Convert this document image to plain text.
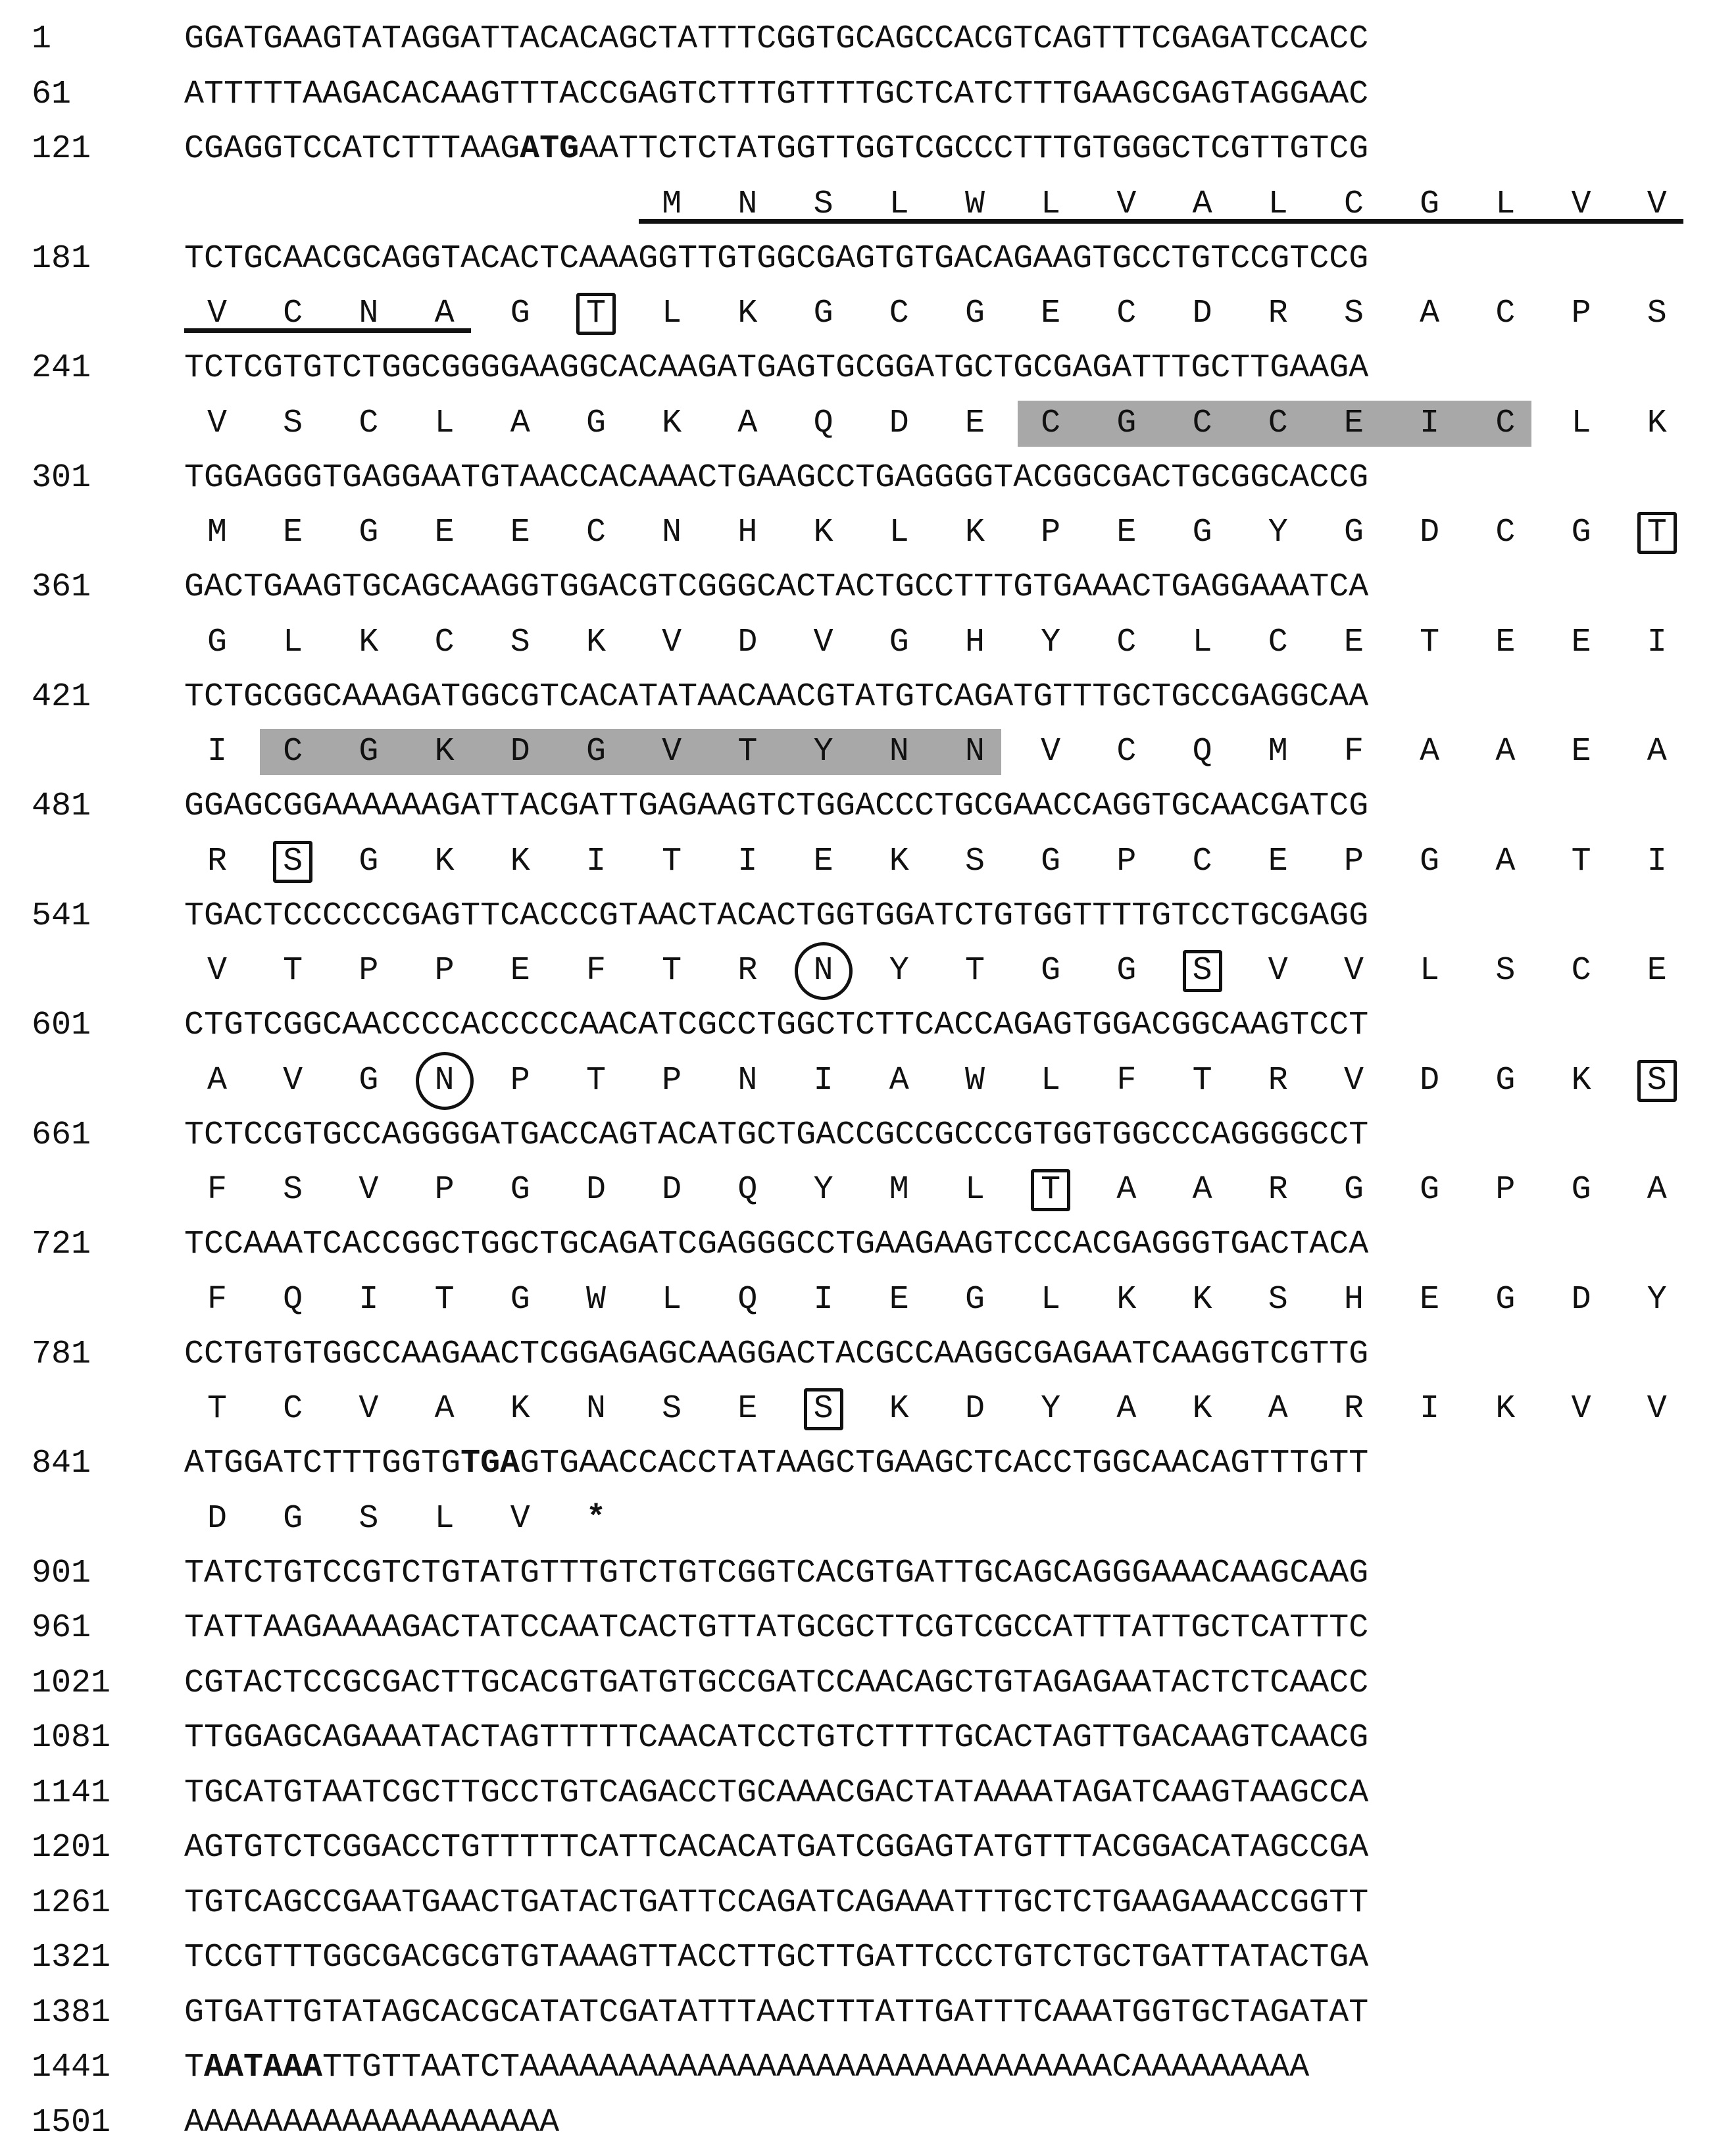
1	GGATGAAGTATAGGATTACACAGCTATTTCGGTGCAGCCACGTCAGTTTCGAGATCCACC
61	ATTTTTAAGACACAAGTTTACCGAGTCTTTGTTTTGCTCATCTTTGAAGCGAGTAGGAAC
121	CGAGGTCCATCTTTAAGATGAATTCTCTATGGTTGGTCGCCCTTTGTGGGCTCGTTGTCG
M	N	S	L	W	L	V	A	L	C	G	L	V	V
181	TCTGCAACGCAGGTACACTCAAAGGTTGTGGCGAGTGTGACAGAAGTGCCTGTCCGTCCG
V	C	N	A	G	T	L	K	G	C	G	E	C	D	R	S	A	C	P	S
241	TCTCGTGTCTGGCGGGGAAGGCACAAGATGAGTGCGGATGCTGCGAGATTTGCTTGAAGA
V	S	C	L	A	G	K	A	Q	D	E	C	G	C	C	E	I	C	L	K
301	TGGAGGGTGAGGAATGTAACCACAAACTGAAGCCTGAGGGGTACGGCGACTGCGGCACCG
M	E	G	E	E	C	N	H	K	L	K	P	E	G	Y	G	D	C	G	T
361	GACTGAAGTGCAGCAAGGTGGACGTCGGGCACTACTGCCTTTGTGAAACTGAGGAAATCA
G	L	K	C	S	K	V	D	V	G	H	Y	C	L	C	E	T	E	E	I
421	TCTGCGGCAAAGATGGCGTCACATATAACAACGTATGTCAGATGTTTGCTGCCGAGGCAA
I	C	G	K	D	G	V	T	Y	N	N	V	C	Q	M	F	A	A	E	A
481	GGAGCGGAAAAAAGATTACGATTGAGAAGTCTGGACCCTGCGAACCAGGTGCAACGATCG
R	S	G	K	K	I	T	I	E	K	S	G	P	C	E	P	G	A	T	I
541	TGACTCCCCCCGAGTTCACCCGTAACTACACTGGTGGATCTGTGGTTTTGTCCTGCGAGG
V	T	P	P	E	F	T	R	N	Y	T	G	G	S	V	V	L	S	C	E
601	CTGTCGGCAACCCCACCCCCAACATCGCCTGGCTCTTCACCAGAGTGGACGGCAAGTCCT
A	V	G	N	P	T	P	N	I	A	W	L	F	T	R	V	D	G	K	S
661	TCTCCGTGCCAGGGGATGACCAGTACATGCTGACCGCCGCCCGTGGTGGCCCAGGGGCCT
F	S	V	P	G	D	D	Q	Y	M	L	T	A	A	R	G	G	P	G	A
721	TCCAAATCACCGGCTGGCTGCAGATCGAGGGCCTGAAGAAGTCCCACGAGGGTGACTACA
F	Q	I	T	G	W	L	Q	I	E	G	L	K	K	S	H	E	G	D	Y
781	CCTGTGTGGCCAAGAACTCGGAGAGCAAGGACTACGCCAAGGCGAGAATCAAGGTCGTTG
T	C	V	A	K	N	S	E	S	K	D	Y	A	K	A	R	I	K	V	V
841	ATGGATCTTTGGTGTGAGTGAACCACCTATAAGCTGAAGCTCACCTGGCAACAGTTTGTT
D	G	S	L	V	*
901	TATCTGTCCGTCTGTATGTTTGTCTGTCGGTCACGTGATTGCAGCAGGGAAACAAGCAAG
961	TATTAAGAAAAGACTATCCAATCACTGTTATGCGCTTCGTCGCCATTTATTGCTCATTTC
1021	CGTACTCCGCGACTTGCACGTGATGTGCCGATCCAACAGCTGTAGAGAATACTCTCAACC
1081	TTGGAGCAGAAATACTAGTTTTTCAACATCCTGTCTTTTGCACTAGTTGACAAGTCAACG
1141	TGCATGTAATCGCTTGCCTGTCAGACCTGCAAACGACTATAAAATAGATCAAGTAAGCCA
1201	AGTGTCTCGGACCTGTTTTTCATTCACACATGATCGGAGTATGTTTACGGACATAGCCGA
1261	TGTCAGCCGAATGAACTGATACTGATTCCAGATCAGAAATTTGCTCTGAAGAAACCGGTT
1321	TCCGTTTGGCGACGCGTGTAAAGTTACCTTGCTTGATTCCCTGTCTGCTGATTATACTGA
1381	GTGATTGTATAGCACGCATATCGATATTTAACTTTATTGATTTCAAATGGTGCTAGATAT
1441	TAATAAATTGTTAATCTAAAAAAAAAAAAAAAAAAAAAAAAAAAAAACAAAAAAAAA
1501	AAAAAAAAAAAAAAAAAAA
